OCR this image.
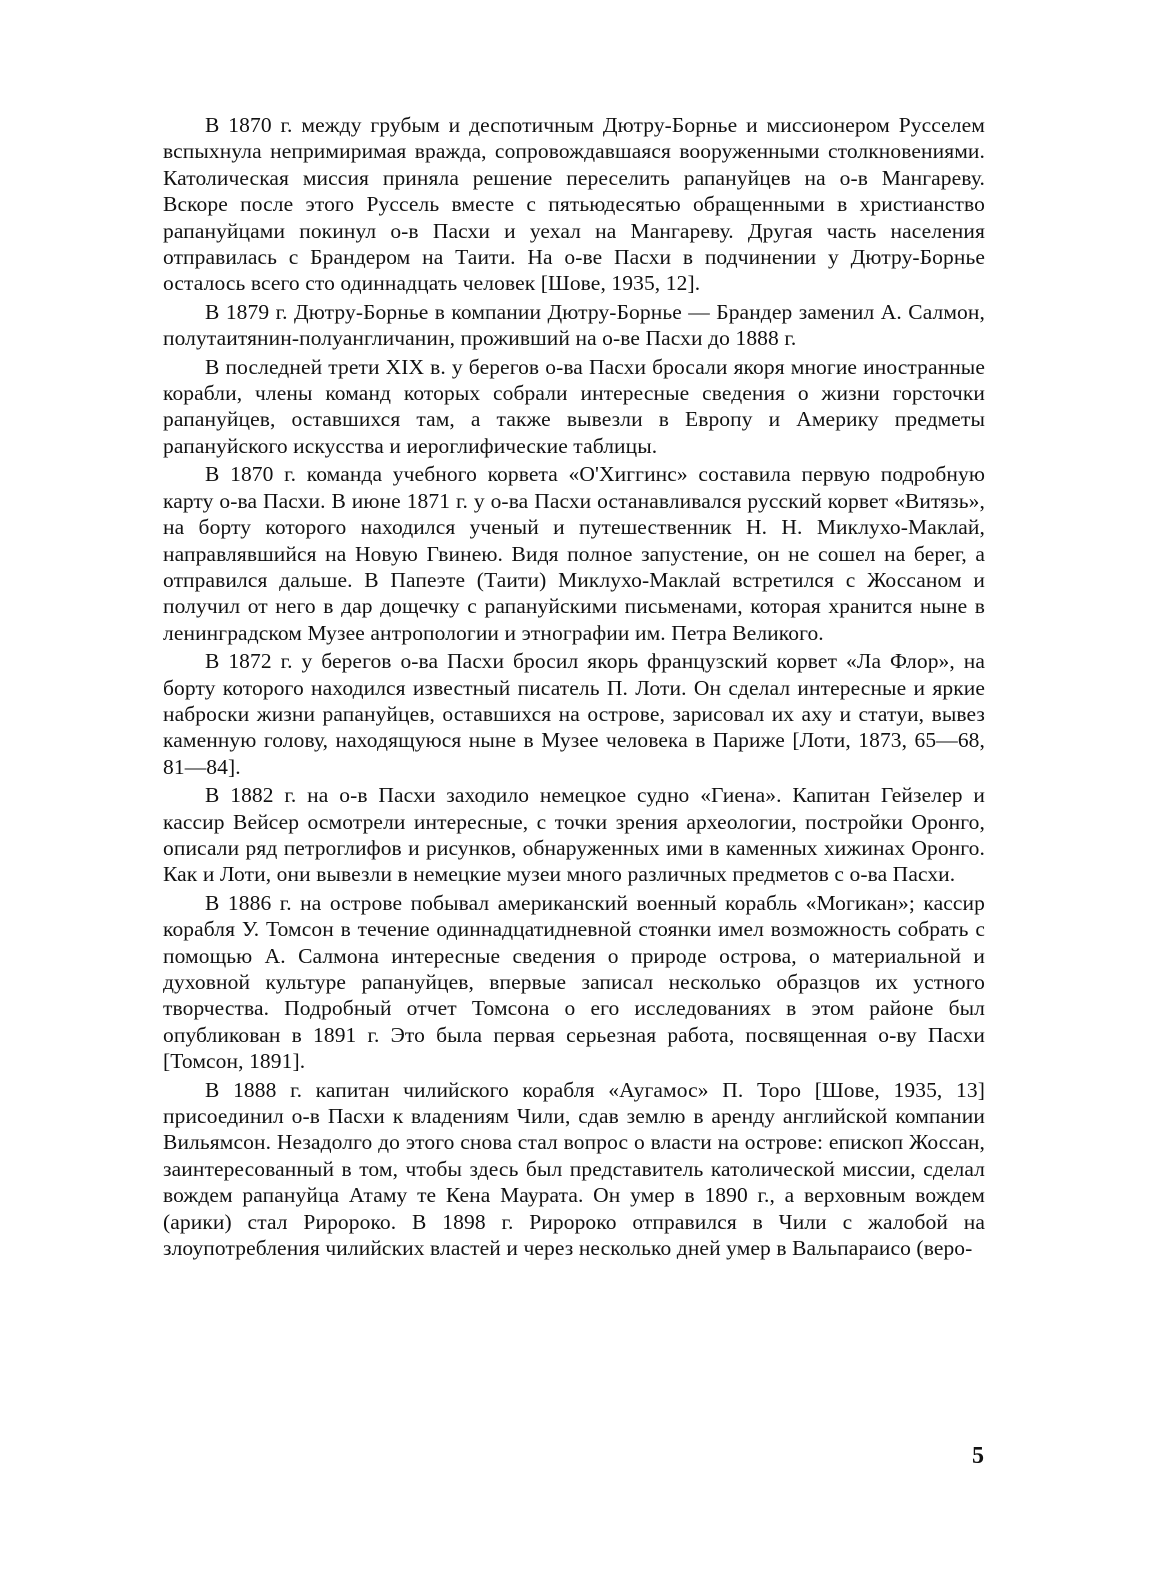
В 1870 г. между грубым и деспотичным Дютру-Борнье и миссионером Русселем вспыхнула непримиримая вражда, сопровождавшаяся вооруженными столкновениями. Католическая миссия приняла решение переселить рапануйцев на о-в Мангареву. Вскоре после этого Руссель вместе с пятьюдесятью обращенными в христианство рапануйцами покинул о-в Пасхи и уехал на Мангареву. Другая часть населения отправилась с Брандером на Таити. На о-ве Пасхи в подчинении у Дютру-Борнье осталось всего сто одиннадцать человек [Шове, 1935, 12].

В 1879 г. Дютру-Борнье в компании Дютру-Борнье — Брандер заменил А. Салмон, полутаитянин-полуангличанин, проживший на о-ве Пасхи до 1888 г.

В последней трети XIX в. у берегов о-ва Пасхи бросали якоря многие иностранные корабли, члены команд которых собрали интересные сведения о жизни горсточки рапануйцев, оставшихся там, а также вывезли в Европу и Америку предметы рапануйского искусства и иероглифические таблицы.

В 1870 г. команда учебного корвета «О'Хиггинс» составила первую подробную карту о-ва Пасхи. В июне 1871 г. у о-ва Пасхи останавливался русский корвет «Витязь», на борту которого находился ученый и путешественник Н. Н. Миклухо-Маклай, направлявшийся на Новую Гвинею. Видя полное запустение, он не сошел на берег, а отправился дальше. В Папеэте (Таити) Миклухо-Маклай встретился с Жоссаном и получил от него в дар дощечку с рапануйскими письменами, которая хранится ныне в ленинградском Музее антропологии и этнографии им. Петра Великого.

В 1872 г. у берегов о-ва Пасхи бросил якорь французский корвет «Ла Флор», на борту которого находился известный писатель П. Лоти. Он сделал интересные и яркие наброски жизни рапануйцев, оставшихся на острове, зарисовал их аху и статуи, вывез каменную голову, находящуюся ныне в Музее человека в Париже [Лоти, 1873, 65—68, 81—84].

В 1882 г. на о-в Пасхи заходило немецкое судно «Гиена». Капитан Гейзелер и кассир Вейсер осмотрели интересные, с точки зрения археологии, постройки Оронго, описали ряд петроглифов и рисунков, обнаруженных ими в каменных хижинах Оронго. Как и Лоти, они вывезли в немецкие музеи много различных предметов с о-ва Пасхи.

В 1886 г. на острове побывал американский военный корабль «Могикан»; кассир корабля У. Томсон в течение одиннадцатидневной стоянки имел возможность собрать с помощью А. Салмона интересные сведения о природе острова, о материальной и духовной культуре рапануйцев, впервые записал несколько образцов их устного творчества. Подробный отчет Томсона о его исследованиях в этом районе был опубликован в 1891 г. Это была первая серьезная работа, посвященная о-ву Пасхи [Томсон, 1891].

В 1888 г. капитан чилийского корабля «Аугамос» П. Торо [Шове, 1935, 13] присоединил о-в Пасхи к владениям Чили, сдав землю в аренду английской компании Вильямсон. Незадолго до этого снова стал вопрос о власти на острове: епископ Жоссан, заинтересованный в том, чтобы здесь был представитель католической миссии, сделал вождем рапануйца Атаму те Кена Маурата. Он умер в 1890 г., а верховным вождем (арики) стал Риророко. В 1898 г. Риророко отправился в Чили с жалобой на злоупотребления чилийских властей и через несколько дней умер в Вальпараисо (веро-

5
